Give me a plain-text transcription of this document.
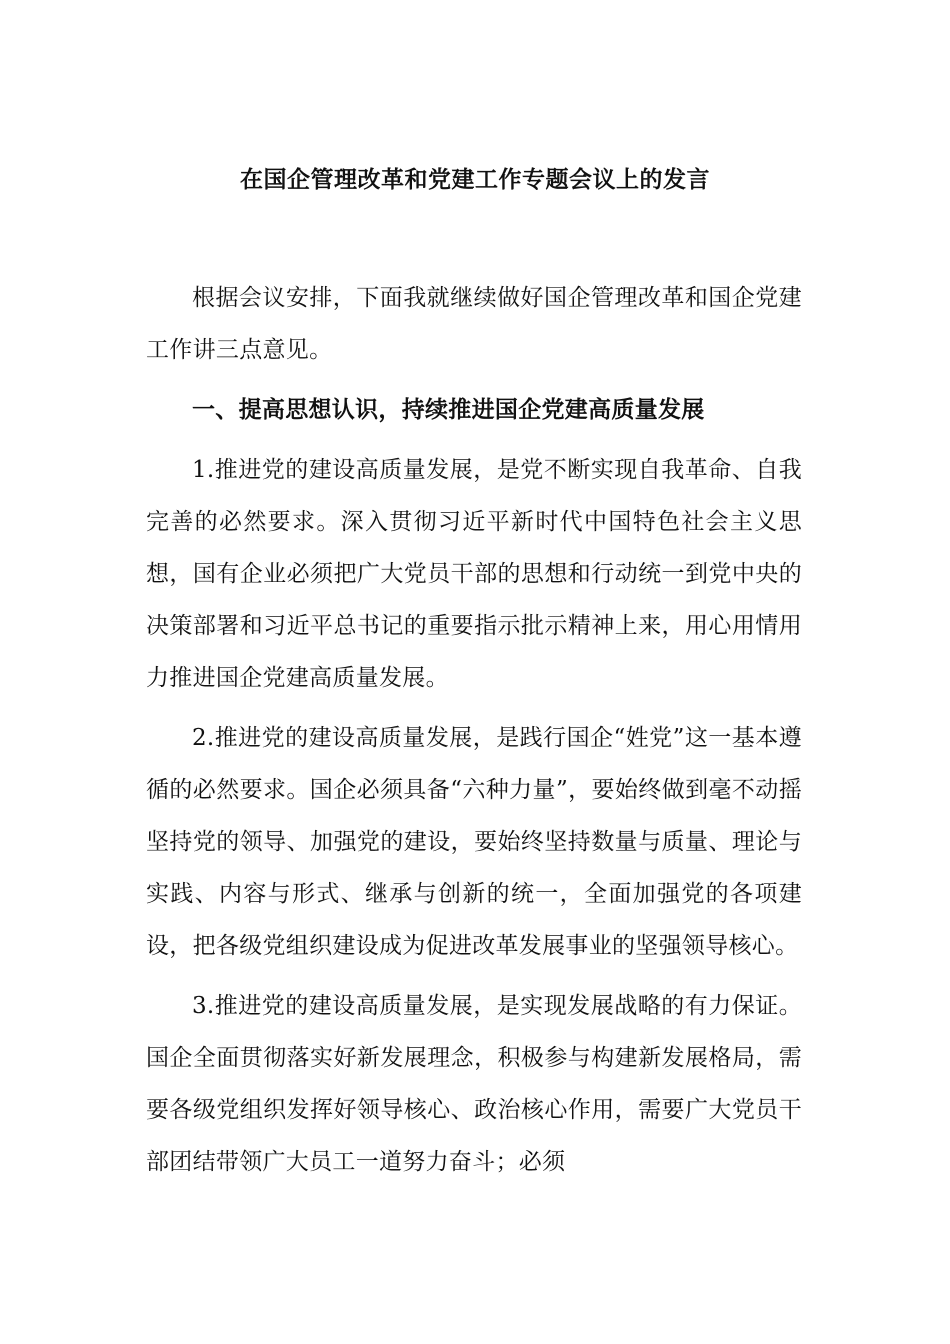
在国企管理改革和党建工作专题会议上的发言

根据会议安排，下面我就继续做好国企管理改革和国企党建工作讲三点意见。

一、提高思想认识，持续推进国企党建高质量发展

1.推进党的建设高质量发展，是党不断实现自我革命、自我完善的必然要求。深入贯彻习近平新时代中国特色社会主义思想，国有企业必须把广大党员干部的思想和行动统一到党中央的决策部署和习近平总书记的重要指示批示精神上来，用心用情用力推进国企党建高质量发展。

2.推进党的建设高质量发展，是践行国企“姓党”这一基本遵循的必然要求。国企必须具备“六种力量”，要始终做到毫不动摇坚持党的领导、加强党的建设，要始终坚持数量与质量、理论与实践、内容与形式、继承与创新的统一，全面加强党的各项建设，把各级党组织建设成为促进改革发展事业的坚强领导核心。

3.推进党的建设高质量发展，是实现发展战略的有力保证。国企全面贯彻落实好新发展理念，积极参与构建新发展格局，需要各级党组织发挥好领导核心、政治核心作用，需要广大党员干部团结带领广大员工一道努力奋斗；必须
